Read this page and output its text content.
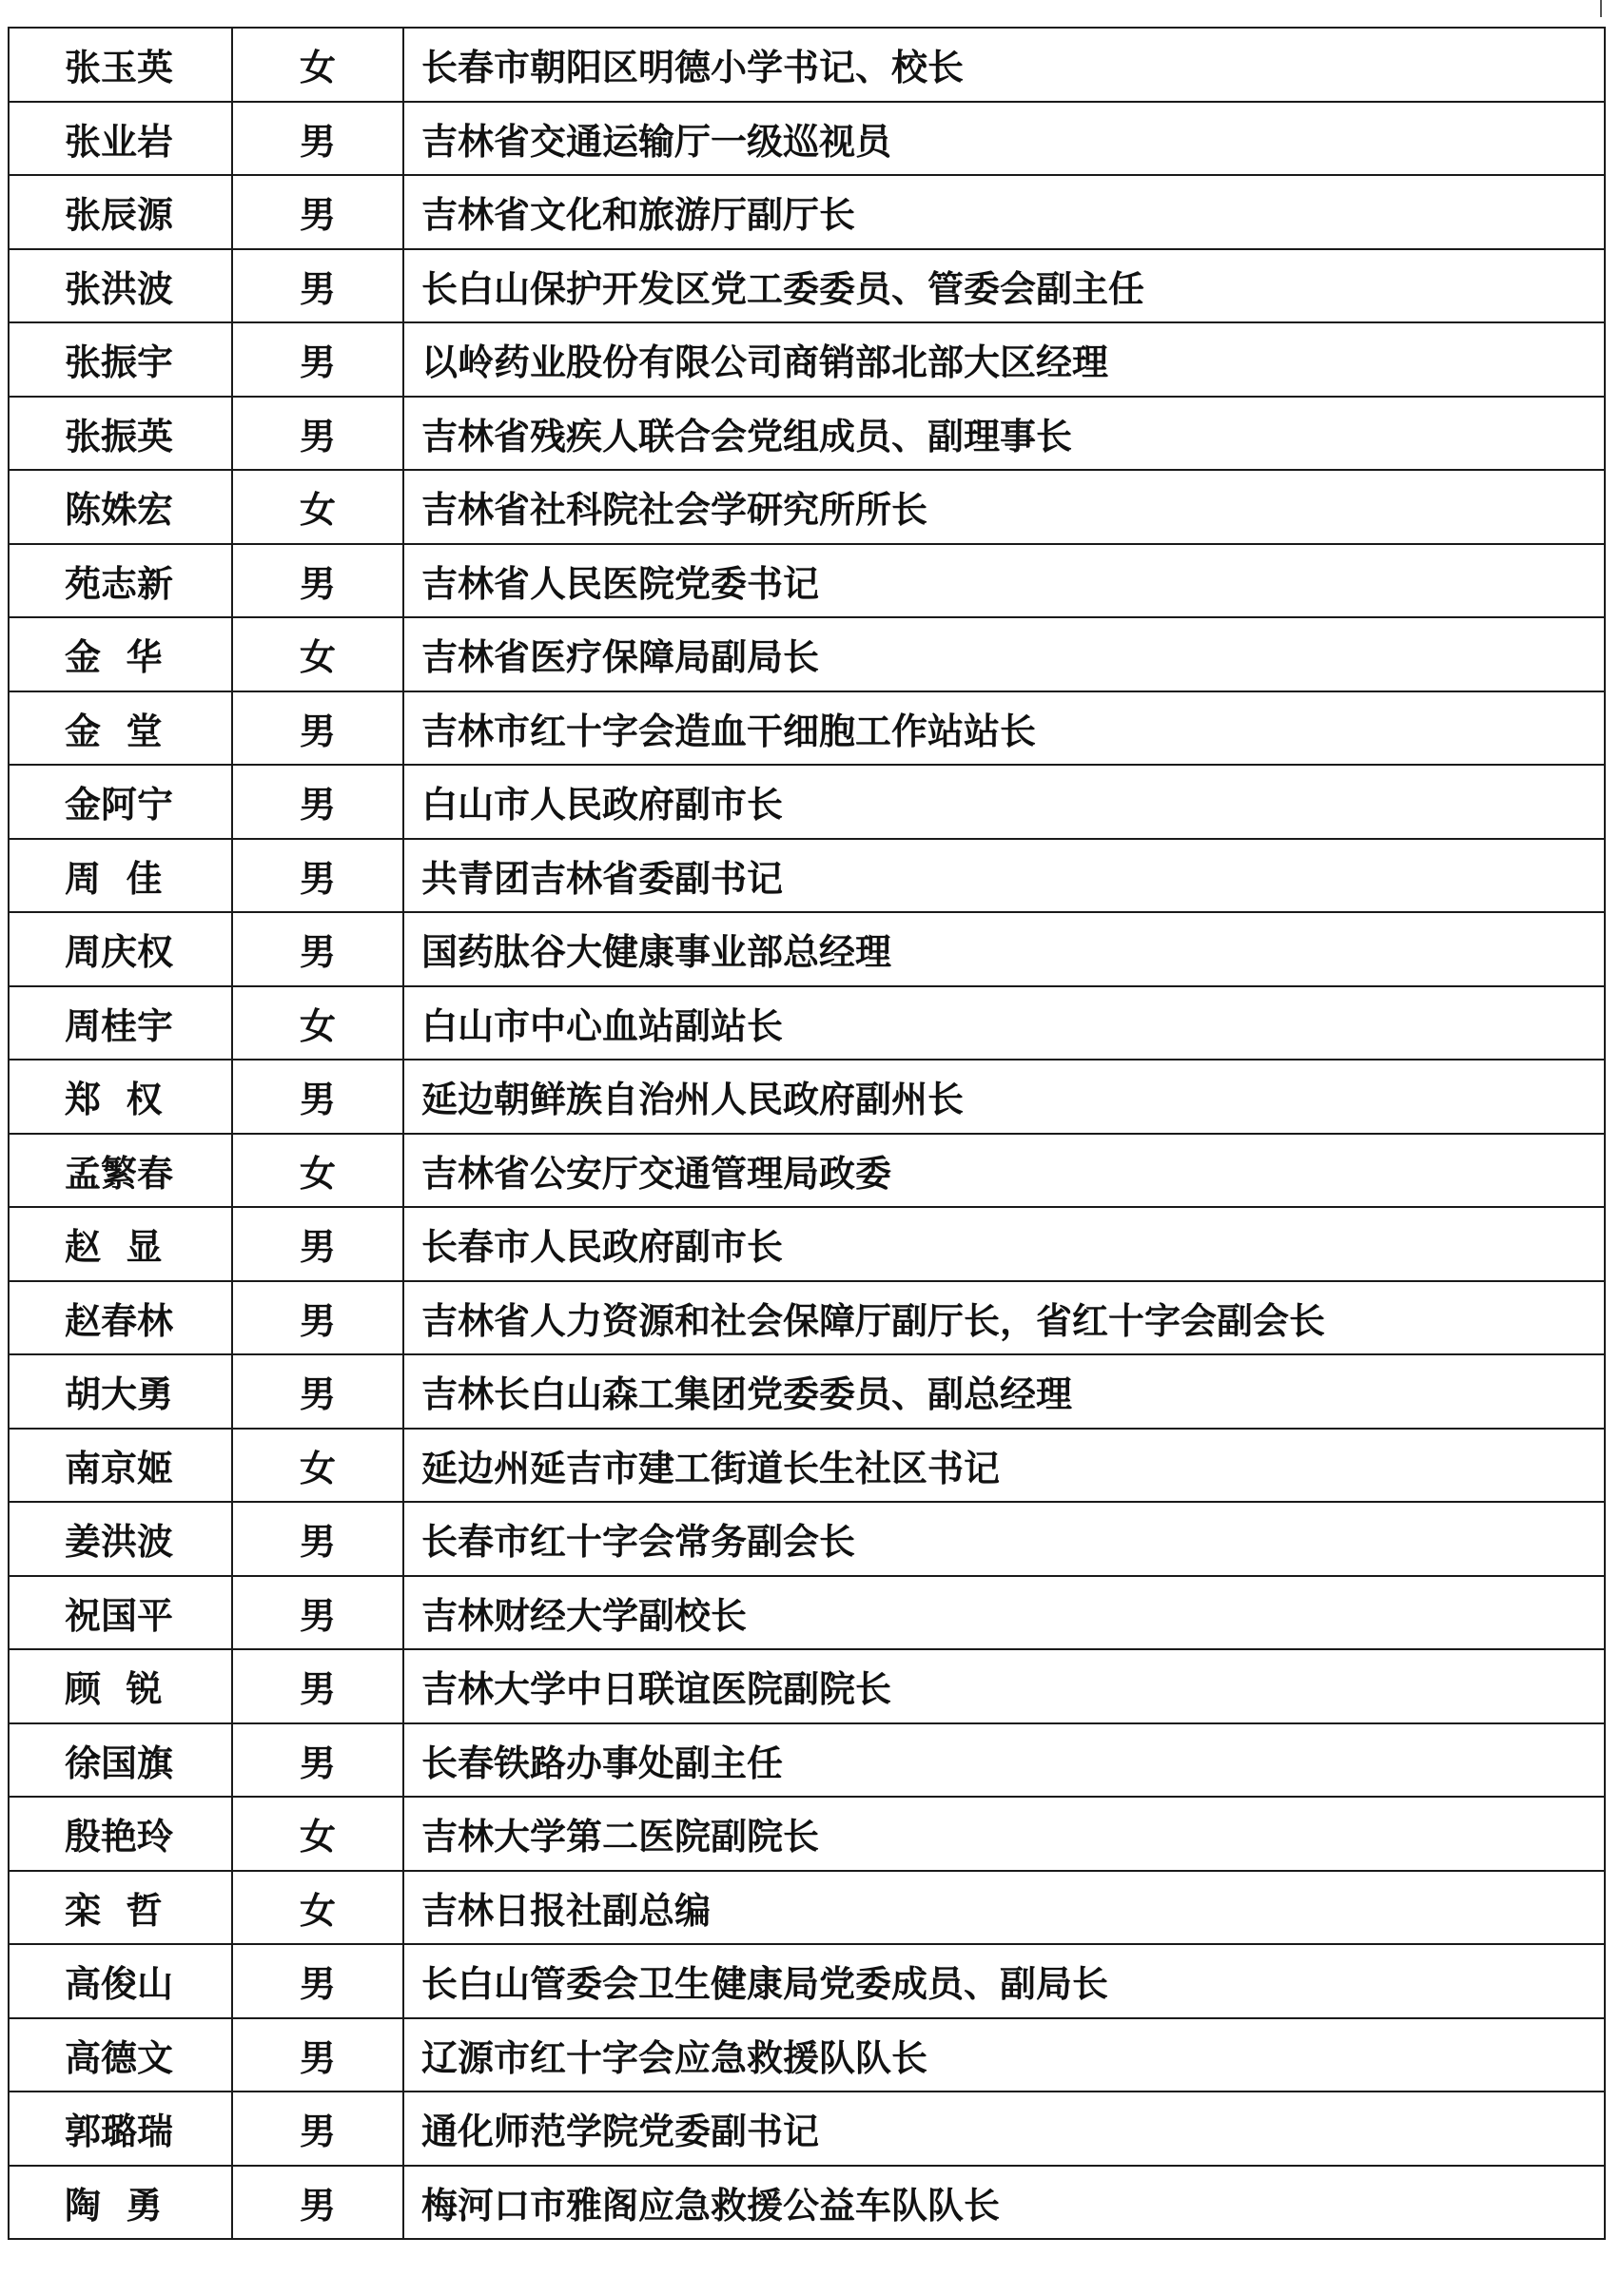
张玉英	女	长春市朝阳区明德小学书记、校长
张业岩	男	吉林省交通运输厅一级巡视员
张辰源	男	吉林省文化和旅游厅副厅长
张洪波	男	长白山保护开发区党工委委员、管委会副主任
张振宇	男	以岭药业股份有限公司商销部北部大区经理
张振英	男	吉林省残疾人联合会党组成员、副理事长
陈姝宏	女	吉林省社科院社会学研究所所长
苑志新	男	吉林省人民医院党委书记
金  华	女	吉林省医疗保障局副局长
金  堂	男	吉林市红十字会造血干细胞工作站站长
金阿宁	男	白山市人民政府副市长
周  佳	男	共青团吉林省委副书记
周庆权	男	国药肽谷大健康事业部总经理
周桂宇	女	白山市中心血站副站长
郑  权	男	延边朝鲜族自治州人民政府副州长
孟繁春	女	吉林省公安厅交通管理局政委
赵  显	男	长春市人民政府副市长
赵春林	男	吉林省人力资源和社会保障厅副厅长，省红十字会副会长
胡大勇	男	吉林长白山森工集团党委委员、副总经理
南京姬	女	延边州延吉市建工街道长生社区书记
姜洪波	男	长春市红十字会常务副会长
祝国平	男	吉林财经大学副校长
顾  锐	男	吉林大学中日联谊医院副院长
徐国旗	男	长春铁路办事处副主任
殷艳玲	女	吉林大学第二医院副院长
栾  哲	女	吉林日报社副总编
高俊山	男	长白山管委会卫生健康局党委成员、副局长
高德文	男	辽源市红十字会应急救援队队长
郭璐瑞	男	通化师范学院党委副书记
陶  勇	男	梅河口市雅阁应急救援公益车队队长
